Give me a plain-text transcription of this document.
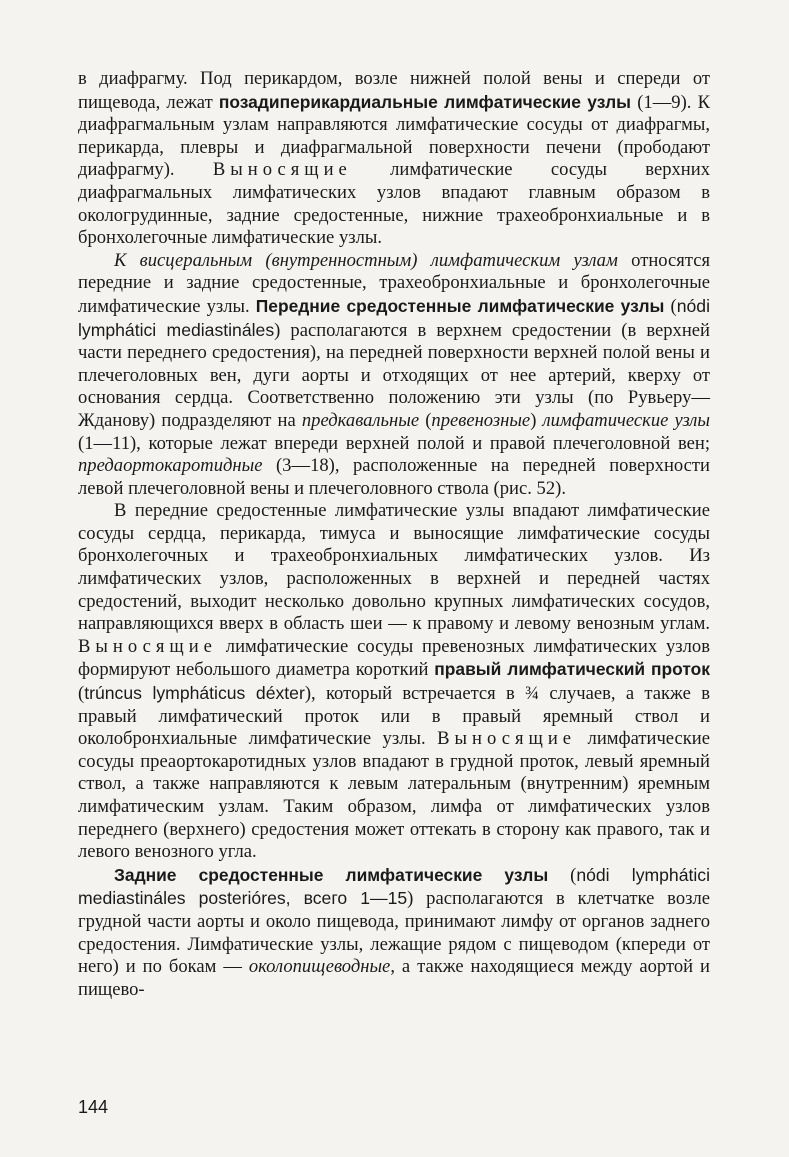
в диафрагму. Под перикардом, возле нижней полой вены и спереди от пищевода, лежат позадиперикардиальные лимфатические узлы (1—9). К диафрагмальным узлам направляются лимфатические сосуды от диафрагмы, перикарда, плевры и диафрагмальной поверхности печени (прободают диафрагму). Выносящие лимфатические сосуды верхних диафрагмальных лимфатических узлов впадают главным образом в окологрудинные, задние средостенные, нижние трахеобронхиальные и в бронхолегочные лимфатические узлы.

К висцеральным (внутренностным) лимфатическим узлам относятся передние и задние средостенные, трахеобронхиальные и бронхолегочные лимфатические узлы. Передние средостенные лимфатические узлы (nódi lymphátici mediastináles) располагаются в верхнем средостении (в верхней части переднего средостения), на передней поверхности верхней полой вены и плечеголовных вен, дуги аорты и отходящих от нее артерий, кверху от основания сердца. Соответственно положению эти узлы (по Рувьеру—Жданову) подразделяют на предкавальные (превенозные) лимфатические узлы (1—11), которые лежат впереди верхней полой и правой плечеголовной вен; предаортокаротидные (3—18), расположенные на передней поверхности левой плечеголовной вены и плечеголовного ствола (рис. 52).

В передние средостенные лимфатические узлы впадают лимфатические сосуды сердца, перикарда, тимуса и выносящие лимфатические сосуды бронхолегочных и трахеобронхиальных лимфатических узлов. Из лимфатических узлов, расположенных в верхней и передней частях средостений, выходит несколько довольно крупных лимфатических сосудов, направляющихся вверх в область шеи — к правому и левому венозным углам. Выносящие лимфатические сосуды превенозных лимфатических узлов формируют небольшого диаметра короткий правый лимфатический проток (trúncus lymphátіcus déxter), который встречается в ¾ случаев, а также в правый лимфатический проток или в правый яремный ствол и околобронхиальные лимфатические узлы. Выносящие лимфатические сосуды преаортокаротидных узлов впадают в грудной проток, левый яремный ствол, а также направляются к левым латеральным (внутренним) яремным лимфатическим узлам. Таким образом, лимфа от лимфатических узлов переднего (верхнего) средостения может оттекать в сторону как правого, так и левого венозного угла.

Задние средостенные лимфатические узлы (nódi lymphátici mediastináles posterióres, всего 1—15) располагаются в клетчатке возле грудной части аорты и около пищевода, принимают лимфу от органов заднего средостения. Лимфатические узлы, лежащие рядом с пищеводом (кпереди от него) и по бокам — околопищеводные, а также находящиеся между аортой и пищево-

144
